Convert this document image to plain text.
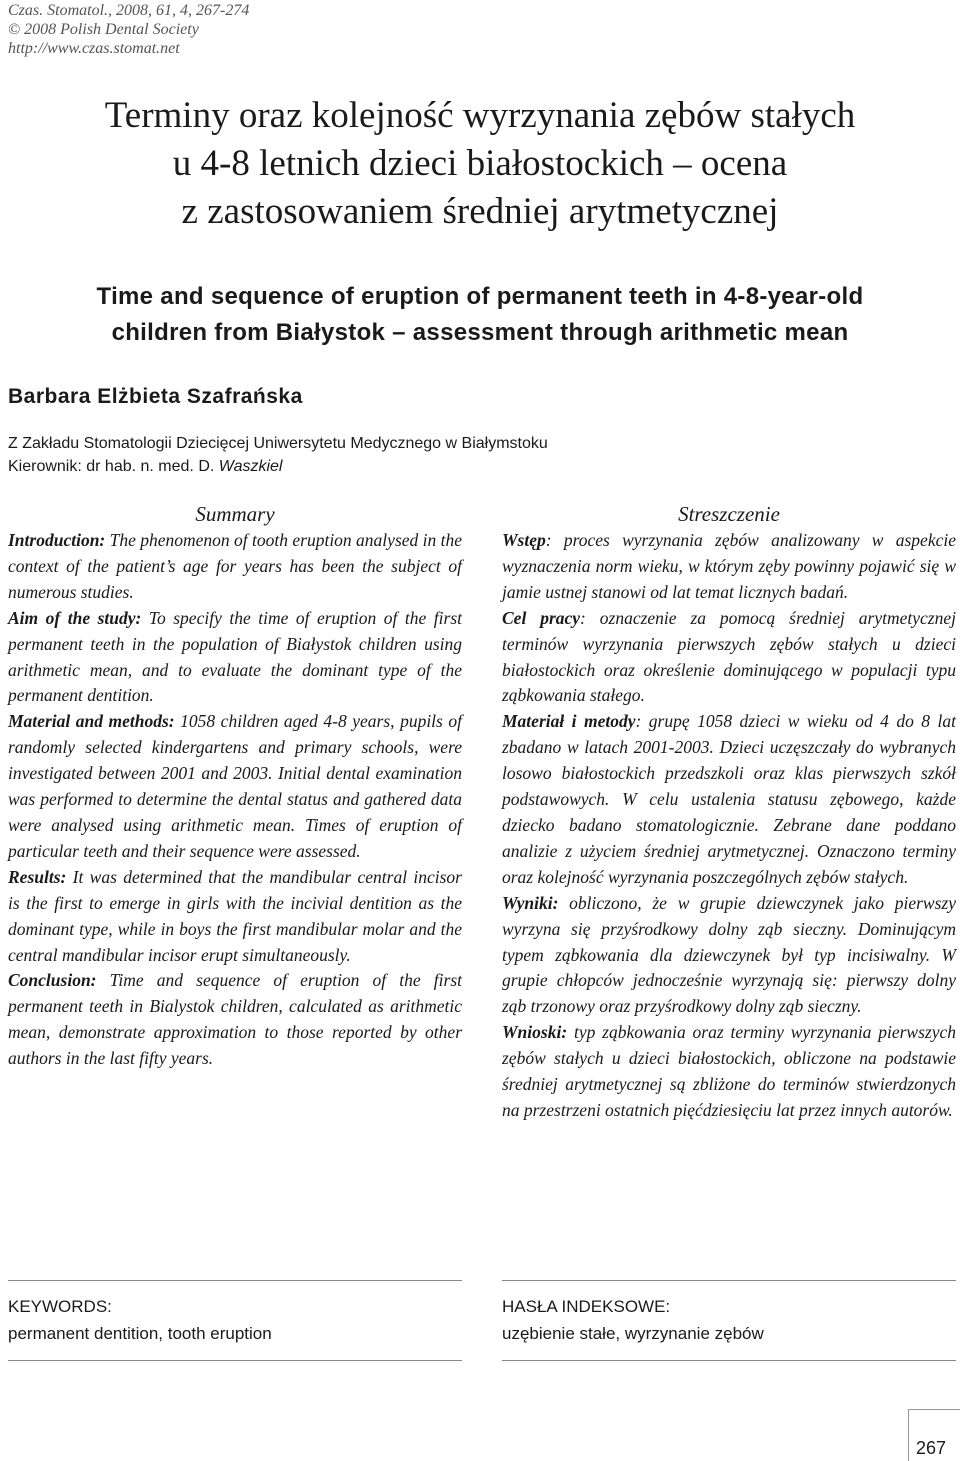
Czas. Stomatol., 2008, 61, 4, 267-274
© 2008 Polish Dental Society
http://www.czas.stomat.net
Terminy oraz kolejność wyrzynania zębów stałych
u 4-8 letnich dzieci białostockich – ocena
z zastosowaniem średniej arytmetycznej
Time and sequence of eruption of permanent teeth in 4-8-year-old
children from Białystok – assessment through arithmetic mean
Barbara Elżbieta Szafrańska
Z Zakładu Stomatologii Dziecięcej Uniwersytetu Medycznego w Białymstoku
Kierownik: dr hab. n. med. D. Waszkiel
Summary

Introduction: The phenomenon of tooth eruption analysed in the context of the patient’s age for years has been the subject of numerous studies.

Aim of the study: To specify the time of eruption of the first permanent teeth in the population of Białystok children using arithmetic mean, and to evaluate the dominant type of the permanent dentition.

Material and methods: 1058 children aged 4-8 years, pupils of randomly selected kindergartens and primary schools, were investigated between 2001 and 2003. Initial dental examination was performed to determine the dental status and gathered data were analysed using arithmetic mean. Times of eruption of particular teeth and their sequence were assessed.

Results: It was determined that the mandibular central incisor is the first to emerge in girls with the incivial dentition as the dominant type, while in boys the first mandibular molar and the central mandibular incisor erupt simultaneously.

Conclusion: Time and sequence of eruption of the first permanent teeth in Bialystok children, calculated as arithmetic mean, demonstrate approximation to those reported by other authors in the last fifty years.

Streszczenie

Wstęp: proces wyrzynania zębów analizowany w aspekcie wyznaczenia norm wieku, w którym zęby powinny pojawić się w jamie ustnej stanowi od lat temat licznych badań.

Cel pracy: oznaczenie za pomocą średniej arytmetycznej terminów wyrzynania pierwszych zębów stałych u dzieci białostockich oraz określenie dominującego w populacji typu ząbkowania stałego.

Materiał i metody: grupę 1058 dzieci w wieku od 4 do 8 lat zbadano w latach 2001-2003. Dzieci uczęszczały do wybranych losowo białostockich przedszkoli oraz klas pierwszych szkół podstawowych. W celu ustalenia statusu zębowego, każde dziecko badano stomatologicznie. Zebrane dane poddano analizie z użyciem średniej arytmetycznej. Oznaczono terminy oraz kolejność wyrzynania poszczególnych zębów stałych.

Wyniki: obliczono, że w grupie dziewczynek jako pierwszy wyrzyna się przyśrodkowy dolny ząb sieczny. Dominującym typem ząbkowania dla dziewczynek był typ incisiwalny. W grupie chłopców jednocześnie wyrzynają się: pierwszy dolny ząb trzonowy oraz przyśrodkowy dolny ząb sieczny.

Wnioski: typ ząbkowania oraz terminy wyrzynania pierwszych zębów stałych u dzieci białostockich, obliczone na podstawie średniej arytmetycznej są zbliżone do terminów stwierdzonych na przestrzeni ostatnich pięćdziesięciu lat przez innych autorów.

KEYWORDS:
permanent dentition, tooth eruption
HASŁA INDEKSOWE:
uzębienie stałe, wyrzynanie zębów
267
